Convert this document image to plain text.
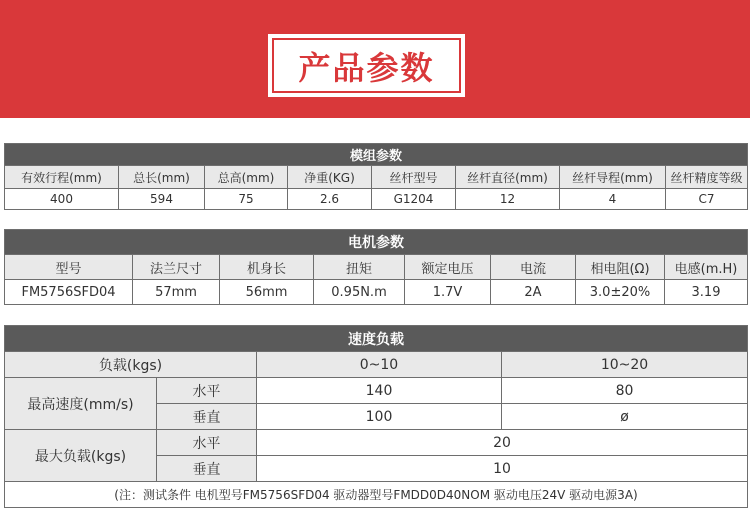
产品参数
模组参数							
有效行程(mm)	总长(mm)	总高(mm)	净重(KG)	丝杆型号	丝杆直径(mm)	丝杆导程(mm)	丝杆精度等级
400	594	75	2.6	G1204	12	4	C7
电机参数							
型号	法兰尺寸	机身长	扭矩	额定电压	电流	相电阻(Ω)	电感(m.H)
FM5756SFD04	57mm	56mm	0.95N.m	1.7V	2A	3.0±20%	3.19
速度负载			
负载(kgs)		0~10	10~20
最高速度(mm/s)	水平	140	80
	垂直	100	ø
最大负载(kgs)	水平	20	
	垂直	10	
(注：测试条件 电机型号FM5756SFD04 驱动器型号FMDD0D40NOM 驱动电压24V 驱动电源3A)			
